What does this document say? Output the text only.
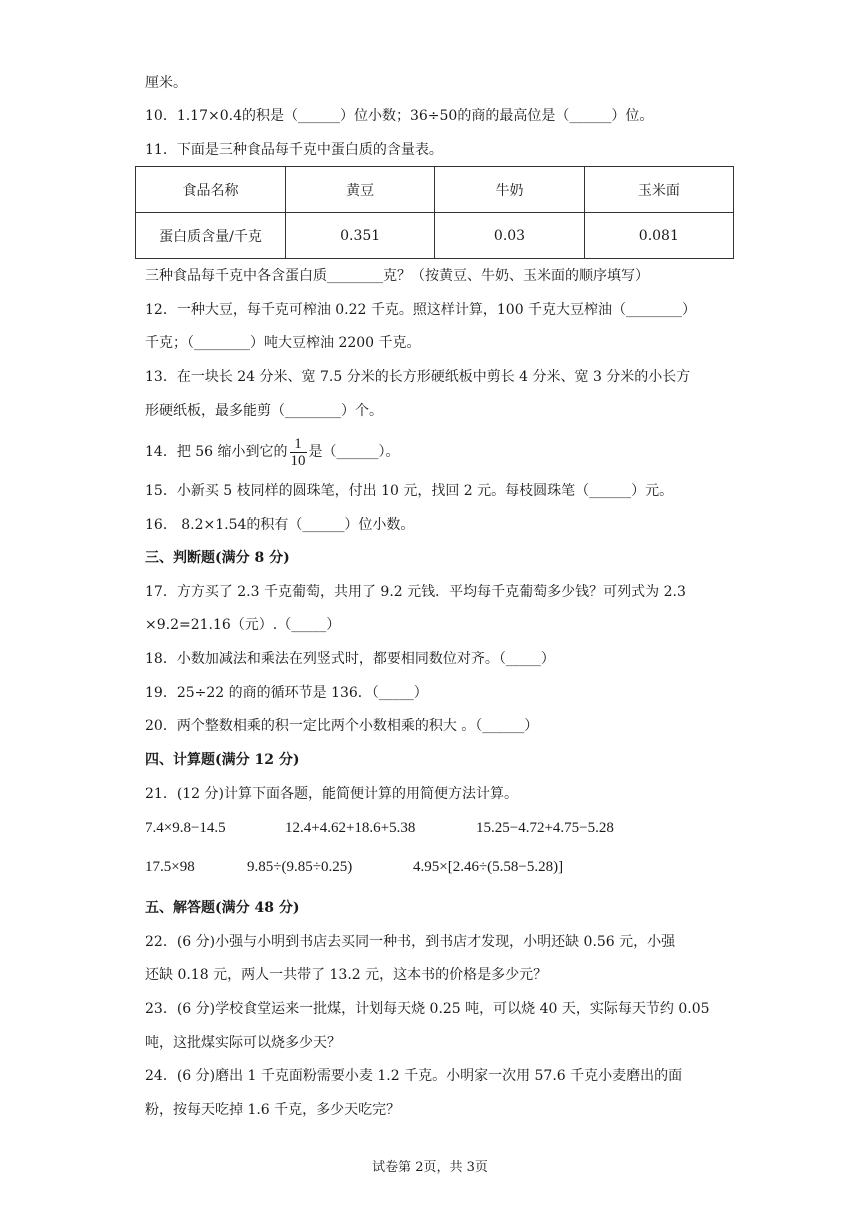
厘米。
10．1.17×0.4的积是（______）位小数；36÷50的商的最高位是（______）位。
11．下面是三种食品每千克中蛋白质的含量表。
食品名称	黄豆	牛奶	玉米面
蛋白质含量/千克	0.351	0.03	0.081
三种食品每千克中各含蛋白质________克？（按黄豆、牛奶、玉米面的顺序填写）
12．一种大豆，每千克可榨油 0.22 千克。照这样计算，100 千克大豆榨油（________）
千克；（________）吨大豆榨油 2200 千克。
13．在一块长 24 分米、宽 7.5 分米的长方形硬纸板中剪长 4 分米、宽 3 分米的小长方
形硬纸板，最多能剪（________）个。
14．把 56 缩小到它的 $\frac{1}{10}$ 是（______）。
15．小新买 5 枝同样的圆珠笔，付出 10 元，找回 2 元。每枝圆珠笔（______）元。
16． 8.2×1.54的积有（______）位小数。
三、判断题(满分 8 分)
17．方方买了 2.3 千克葡萄，共用了 9.2 元钱．平均每千克葡萄多少钱？可列式为 2.3
×9.2=21.16（元）.（_____）
18．小数加减法和乘法在列竖式时，都要相同数位对齐。（_____）
19．25÷22 的商的循环节是 136．（_____）
20．两个整数相乘的积一定比两个小数相乘的积大 。（______）
四、计算题(满分 12 分)
21．(12 分)计算下面各题，能简便计算的用简便方法计算。
7.4×9.8−14.5	12.4+4.62+18.6+5.38	15.25−4.72+4.75−5.28
17.5×98	9.85÷(9.85÷0.25)	4.95×[2.46÷(5.58−5.28)]
五、解答题(满分 48 分)
22．(6 分)小强与小明到书店去买同一种书，到书店才发现，小明还缺 0.56 元，小强
还缺 0.18 元，两人一共带了 13.2 元，这本书的价格是多少元？
23．(6 分)学校食堂运来一批煤，计划每天烧 0.25 吨，可以烧 40 天，实际每天节约 0.05
吨，这批煤实际可以烧多少天？
24．(6 分)磨出 1 千克面粉需要小麦 1.2 千克。小明家一次用 57.6 千克小麦磨出的面
粉，按每天吃掉 1.6 千克，多少天吃完？
试卷第 2页，共 3页
